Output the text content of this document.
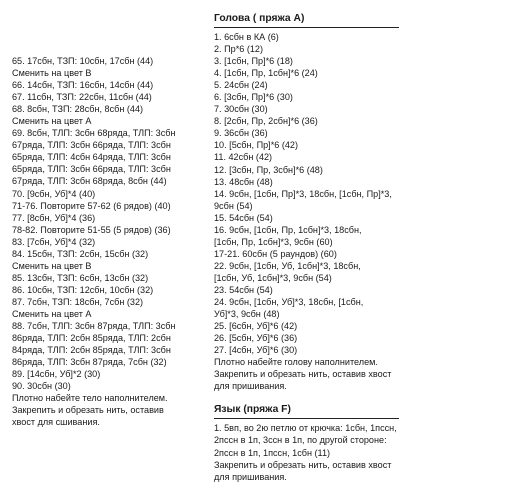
65. 17сбн, ТЗП: 10сбн, 17сбн (44)
Сменить на цвет В
66. 14сбн, ТЗП: 16сбн, 14сбн (44)
67. 11сбн, ТЗП: 22сбн, 11сбн (44)
68. 8сбн, ТЗП: 28сбн, 8сбн (44)
Сменить на цвет А
69. 8сбн, ТЛП: 3сбн 68ряда, ТЛП: 3сбн
67ряда, ТЛП: 3сбн 66ряда, ТЛП: 3сбн
65ряда, ТЛП: 4сбн 64ряда, ТЛП: 3сбн
65ряда, ТЛП: 3сбн 66ряда, ТЛП: 3сбн
67ряда, ТЛП: 3сбн 68ряда, 8сбн (44)
70. [9сбн, Уб]*4 (40)
71-76. Повторите 57-62 (6 рядов) (40)
77. [8сбн, Уб]*4 (36)
78-82. Повторите 51-55 (5 рядов) (36)
83. [7сбн, Уб]*4 (32)
84. 15сбн, ТЗП: 2сбн, 15сбн (32)
Сменить на цвет В
85. 13сбн, ТЗП: 6сбн, 13сбн (32)
86. 10сбн, ТЗП: 12сбн, 10сбн (32)
87. 7сбн, ТЗП: 18сбн, 7сбн (32)
Сменить на цвет А
88. 7сбн, ТЛП: 3сбн 87ряда, ТЛП: 3сбн
86ряда, ТЛП: 2сбн 85ряда, ТЛП: 2сбн
84ряда, ТЛП: 2сбн 85ряда, ТЛП: 3сбн
86ряда, ТЛП: 3сбн 87ряда, 7сбн (32)
89. [14сбн, Уб]*2 (30)
90. 30сбн (30)
Плотно набейте тело наполнителем.
Закрепить и обрезать нить, оставив
хвост для сшивания.
Голова ( пряжа А)
1. 6сбн в КА (6)
2. Пр*6 (12)
3. [1сбн, Пр]*6 (18)
4. [1сбн, Пр, 1сбн]*6 (24)
5. 24сбн (24)
6. [3сбн, Пр]*6 (30)
7. 30сбн (30)
8. [2сбн, Пр, 2сбн]*6 (36)
9. 36сбн (36)
10. [5сбн, Пр]*6 (42)
11. 42сбн (42)
12. [3сбн, Пр, 3сбн]*6 (48)
13. 48сбн (48)
14. 9сбн, [1сбн, Пр]*3, 18сбн, [1сбн, Пр]*3,
9сбн (54)
15. 54сбн (54)
16. 9сбн, [1сбн, Пр, 1сбн]*3, 18сбн,
[1сбн, Пр, 1сбн]*3, 9сбн (60)
17-21. 60сбн (5 раундов) (60)
22. 9сбн, [1сбн, Уб, 1сбн]*3, 18сбн,
[1сбн, Уб, 1сбн]*3, 9сбн (54)
23. 54сбн (54)
24. 9сбн, [1сбн, Уб]*3, 18сбн, [1сбн,
Уб]*3, 9сбн (48)
25. [6сбн, Уб]*6 (42)
26. [5сбн, Уб]*6 (36)
27. [4сбн, Уб]*6 (30)
Плотно набейте голову наполнителем.
Закрепить и обрезать нить, оставив хвост
для пришивания.
Язык (пряжа F)
1. 5вп, во 2ю петлю от крючка: 1сбн, 1пссн,
2пссн в 1п, 3ссн в 1п, по другой стороне:
2пссн в 1п, 1пссн, 1сбн (11)
Закрепить и обрезать нить, оставив хвост
для пришивания.
